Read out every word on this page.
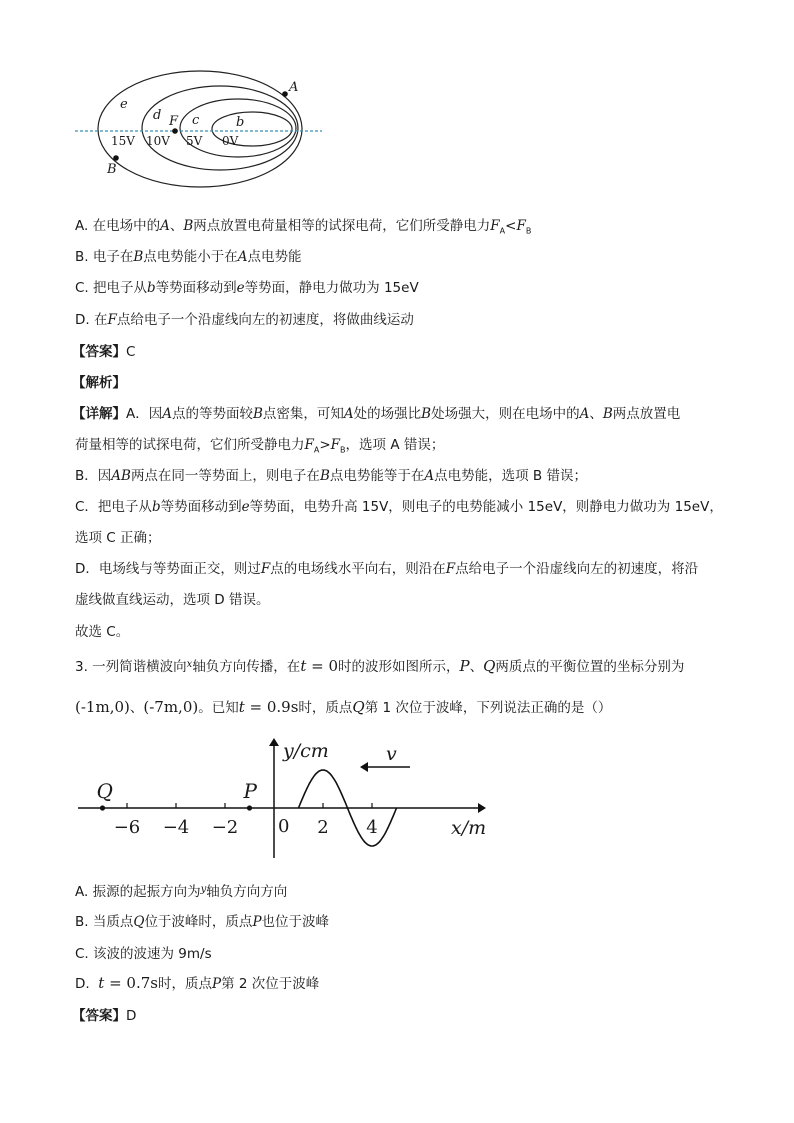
A
B
e
d F c	b
15V 10V 5V 0V
A. 在电场中的A、B两点放置电荷量相等的试探电荷，它们所受静电力$F_A<F_B$
B. 电子在B点电势能小于在A点电势能
C. 把电子从b等势面移动到e等势面，静电力做功为 15eV
D. 在F点给电子一个沿虚线向左的初速度，将做曲线运动
【答案】C
【解析】
【详解】A．因A点的等势面较B点密集，可知A处的场强比B处场强大，则在电场中的A、B两点放置电
荷量相等的试探电荷，它们所受静电力$F_A>F_B$，选项 A 错误；
B．因AB两点在同一等势面上，则电子在B点电势能等于在A点电势能，选项 B 错误；
C．把电子从b等势面移动到e等势面，电势升高 15V，则电子的电势能减小 15eV，则静电力做功为 15eV，
选项 C 正确；
D．电场线与等势面正交，则过F点的电场线水平向右，则沿在F点给电子一个沿虚线向左的初速度，将沿
虚线做直线运动，选项 D 错误。
故选 C。
3. 一列简谐横波向$^x$轴负方向传播，在t = 0时的波形如图所示，P、Q两质点的平衡位置的坐标分别为
(-1m,0)、(-7m,0)。已知t = 0.9s时，质点Q第 1 次位于波峰，下列说法正确的是（）
y/cm
x/m
0
v
−6 −4 −2	2 4
Q	P
A. 振源的起振方向为$^y$轴负方向方向
B. 当质点Q位于波峰时，质点P也位于波峰
C. 该波的波速为 9m/s
D. t = 0.7s时，质点P第 2 次位于波峰
【答案】D
